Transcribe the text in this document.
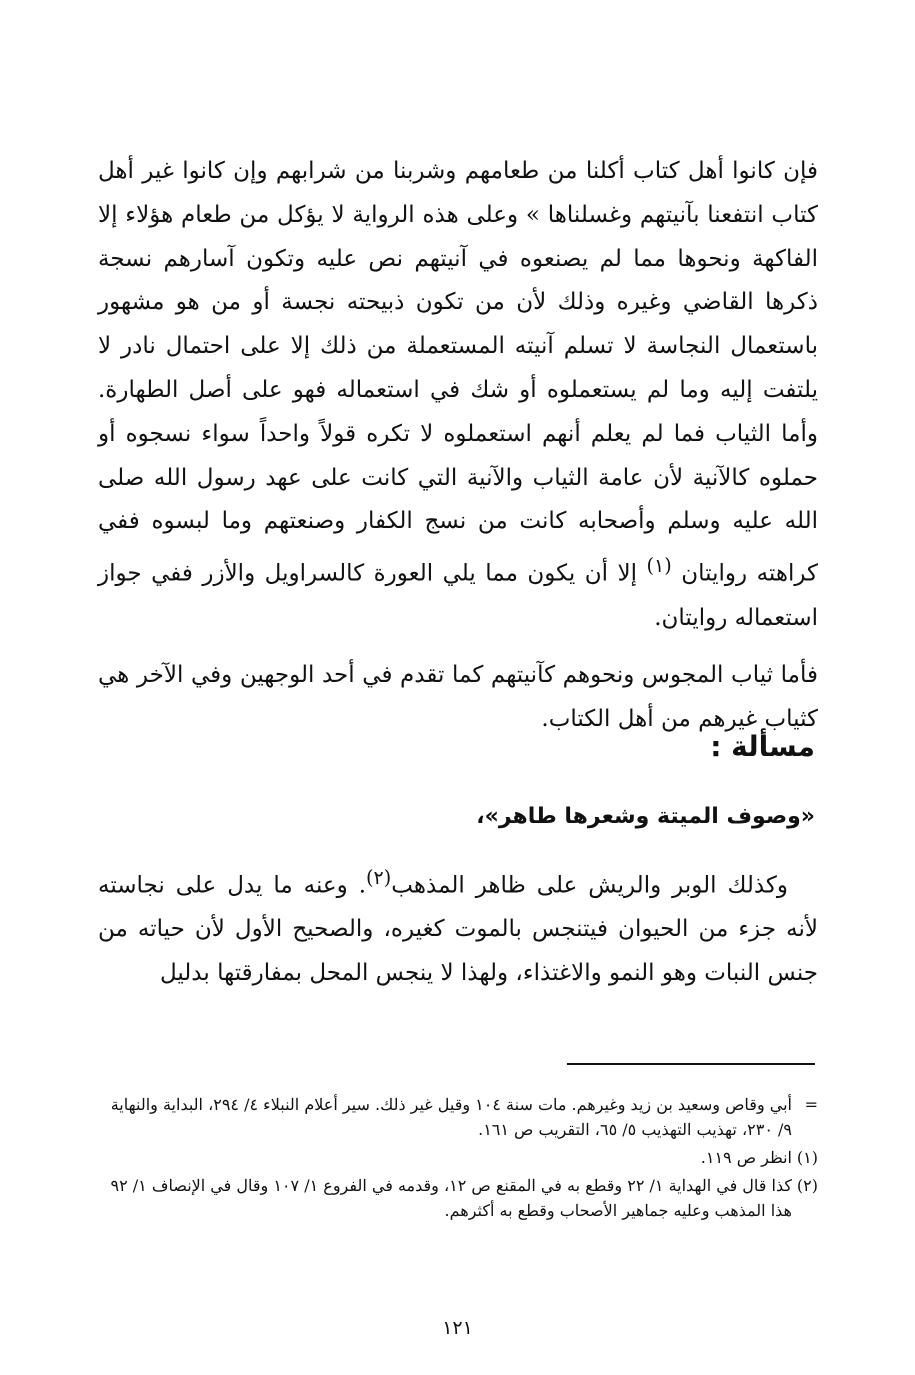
فإن كانوا أهل كتاب أكلنا من طعامهم وشربنا من شرابهم وإن كانوا غير أهل كتاب انتفعنا بآنيتهم وغسلناها » وعلى هذه الرواية لا يؤكل من طعام هؤلاء إلا الفاكهة ونحوها مما لم يصنعوه في آنيتهم نص عليه وتكون آسارهم نسجة ذكرها القاضي وغيره وذلك لأن من تكون ذبيحته نجسة أو من هو مشهور باستعمال النجاسة لا تسلم آنيته المستعملة من ذلك إلا على احتمال نادر لا يلتفت إليه وما لم يستعملوه أو شك في استعماله فهو على أصل الطهارة. وأما الثياب فما لم يعلم أنهم استعملوه لا تكره قولاً واحداً سواء نسجوه أو حملوه كالآنية لأن عامة الثياب والآنية التي كانت على عهد رسول الله صلى الله عليه وسلم وأصحابه كانت من نسج الكفار وصنعتهم وما لبسوه ففي كراهته روايتان $^{(١)}$ إلا أن يكون مما يلي العورة كالسراويل والأزر ففي جواز استعماله روايتان.

فأما ثياب المجوس ونحوهم كآنيتهم كما تقدم في أحد الوجهين وفي الآخر هي كثياب غيرهم من أهل الكتاب.

مسألة :
«وصوف الميتة وشعرها طاهر»،

وكذلك الوبر والريش على ظاهر المذهب$^{(٢)}$. وعنه ما يدل على نجاسته لأنه جزء من الحيوان فيتنجس بالموت كغيره، والصحيح الأول لأن حياته من جنس النبات وهو النمو والاغتذاء، ولهذا لا ينجس المحل بمفارقتها بدليل

=
أبي وقاص وسعيد بن زيد وغيرهم. مات سنة ١٠٤ وقيل غير ذلك. سير أعلام النبلاء ٤/ ٢٩٤، البداية والنهاية ٩/ ٢٣٠، تهذيب التهذيب ٥/ ٦٥، التقريب ص ١٦١.

(١)
انظر ص ١١٩.

(٢)
كذا قال في الهداية ١/ ٢٢ وقطع به في المقنع ص ١٢، وقدمه في الفروع ١/ ١٠٧ وقال في الإنصاف ١/ ٩٢ هذا المذهب وعليه جماهير الأصحاب وقطع به أكثرهم.

١٢١
